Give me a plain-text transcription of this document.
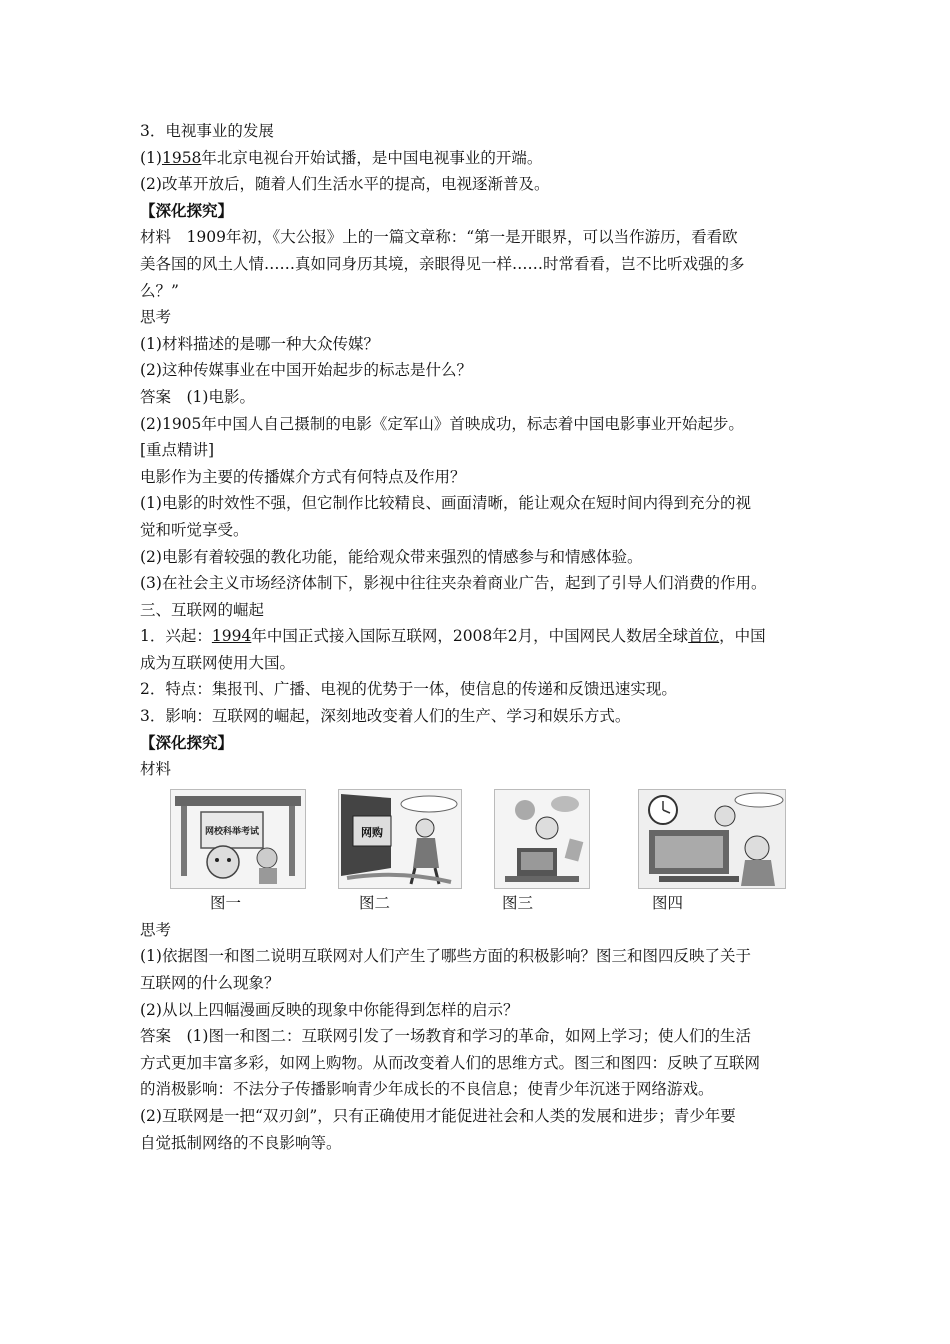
3．电视事业的发展
(1)1958年北京电视台开始试播，是中国电视事业的开端。
(2)改革开放后，随着人们生活水平的提高，电视逐渐普及。
【深化探究】
材料　1909年初，《大公报》上的一篇文章称：“第一是开眼界，可以当作游历，看看欧
美各国的风土人情……真如同身历其境，亲眼得见一样……时常看看，岂不比听戏强的多
么？”
思考
(1)材料描述的是哪一种大众传媒？
(2)这种传媒事业在中国开始起步的标志是什么？
答案　(1)电影。
(2)1905年中国人自己摄制的电影《定军山》首映成功，标志着中国电影事业开始起步。
[重点精讲]
电影作为主要的传播媒介方式有何特点及作用？
(1)电影的时效性不强，但它制作比较精良、画面清晰，能让观众在短时间内得到充分的视
觉和听觉享受。
(2)电影有着较强的教化功能，能给观众带来强烈的情感参与和情感体验。
(3)在社会主义市场经济体制下，影视中往往夹杂着商业广告，起到了引导人们消费的作用。
三、互联网的崛起
1．兴起：1994年中国正式接入国际互联网，2008年2月，中国网民人数居全球首位，中国
成为互联网使用大国。
2．特点：集报刊、广播、电视的优势于一体，使信息的传递和反馈迅速实现。
3．影响：互联网的崛起，深刻地改变着人们的生产、学习和娱乐方式。
【深化探究】
材料
网校科举考试	网购
图一	图二	图三	图四
思考
(1)依据图一和图二说明互联网对人们产生了哪些方面的积极影响？图三和图四反映了关于
互联网的什么现象？
(2)从以上四幅漫画反映的现象中你能得到怎样的启示？
答案　(1)图一和图二：互联网引发了一场教育和学习的革命，如网上学习；使人们的生活
方式更加丰富多彩，如网上购物。从而改变着人们的思维方式。图三和图四：反映了互联网
的消极影响：不法分子传播影响青少年成长的不良信息；使青少年沉迷于网络游戏。
(2)互联网是一把“双刃剑”，只有正确使用才能促进社会和人类的发展和进步；青少年要
自觉抵制网络的不良影响等。
